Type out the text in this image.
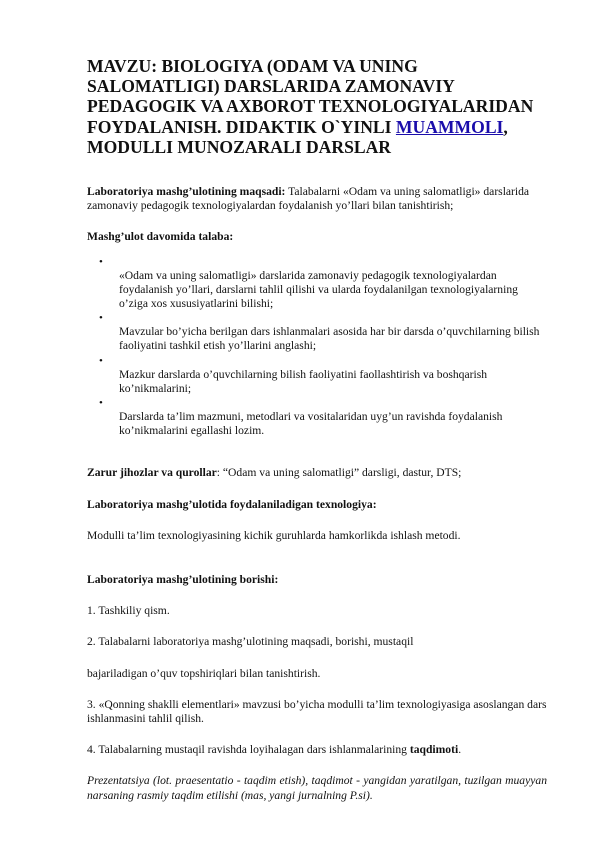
MAVZU: BIOLOGIYA (ODAM VA UNING SALOMATLIGI) DARSLARIDA ZAMONAVIY PEDAGOGIK VA AXBOROT TEXNOLOGIYALARIDAN FOYDALANISH. DIDAKTIK O`YINLI MUAMMOLI, MODULLI MUNOZARALI DARSLAR

Laboratoriya mashg’ulotining maqsadi: Talabalarni «Odam va uning salomatligi» darslarida zamonaviy pedagogik texnologiyalardan foydalanish yo’llari bilan tanishtirish;

Mashg’ulot davomida talaba:

•
«Odam va uning salomatligi» darslarida zamonaviy pedagogik texnologiyalardan foydalanish yo’llari, darslarni tahlil qilishi va ularda foydalanilgan texnologiyalarning o’ziga xos xususiyatlarini bilishi;
•
Mavzular bo’yicha berilgan dars ishlanmalari asosida har bir darsda o’quvchilarning bilish faoliyatini tashkil etish yo’llarini anglashi;
•
Mazkur darslarda o’quvchilarning bilish faoliyatini faollashtirish va boshqarish ko’nikmalarini;
•
Darslarda ta’lim mazmuni, metodlari va vositalaridan uyg’un ravishda foydalanish ko’nikmalarini egallashi lozim.

Zarur jihozlar va qurollar: “Odam va uning salomatligi” darsligi, dastur, DTS;

Laboratoriya mashg’ulotida foydalaniladigan texnologiya:

Modulli ta’lim texnologiyasining kichik guruhlarda hamkorlikda ishlash metodi.

Laboratoriya mashg’ulotining borishi:

1. Tashkiliy qism.

2. Talabalarni laboratoriya mashg’ulotining maqsadi, borishi, mustaqil

bajariladigan o’quv topshiriqlari bilan tanishtirish.

3. «Qonning shaklli elementlari» mavzusi bo’yicha modulli ta’lim texnologiyasiga asoslangan dars ishlanmasini tahlil qilish.

4. Talabalarning mustaqil ravishda loyihalagan dars ishlanmalarining taqdimoti.

Prezentatsiya (lot. praesentatio - taqdim etish), taqdimot - yangidan yaratilgan, tuzilgan muayyan narsaning rasmiy taqdim etilishi (mas, yangi jurnalning P.si).
